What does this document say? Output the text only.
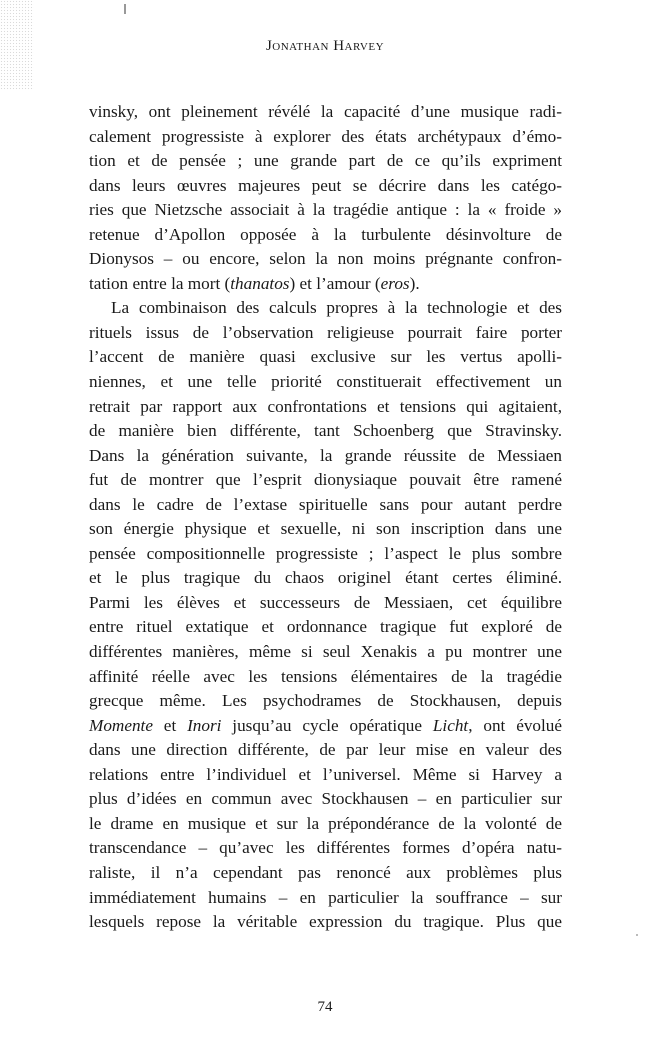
Jonathan Harvey
vinsky, ont pleinement révélé la capacité d’une musique radi-
calement progressiste à explorer des états archétypaux d’émo-
tion et de pensée ; une grande part de ce qu’ils expriment
dans leurs œuvres majeures peut se décrire dans les catégo-
ries que Nietzsche associait à la tragédie antique : la « froide »
retenue d’Apollon opposée à la turbulente désinvolture de
Dionysos – ou encore, selon la non moins prégnante confron-
tation entre la mort (thanatos) et l’amour (eros).
La combinaison des calculs propres à la technologie et des
rituels issus de l’observation religieuse pourrait faire porter
l’accent de manière quasi exclusive sur les vertus apolli-
niennes, et une telle priorité constituerait effectivement un
retrait par rapport aux confrontations et tensions qui agitaient,
de manière bien différente, tant Schoenberg que Stravinsky.
Dans la génération suivante, la grande réussite de Messiaen
fut de montrer que l’esprit dionysiaque pouvait être ramené
dans le cadre de l’extase spirituelle sans pour autant perdre
son énergie physique et sexuelle, ni son inscription dans une
pensée compositionnelle progressiste ; l’aspect le plus sombre
et le plus tragique du chaos originel étant certes éliminé.
Parmi les élèves et successeurs de Messiaen, cet équilibre
entre rituel extatique et ordonnance tragique fut exploré de
différentes manières, même si seul Xenakis a pu montrer une
affinité réelle avec les tensions élémentaires de la tragédie
grecque même. Les psychodrames de Stockhausen, depuis
Momente et Inori jusqu’au cycle opératique Licht, ont évolué
dans une direction différente, de par leur mise en valeur des
relations entre l’individuel et l’universel. Même si Harvey a
plus d’idées en commun avec Stockhausen – en particulier sur
le drame en musique et sur la prépondérance de la volonté de
transcendance – qu’avec les différentes formes d’opéra natu-
raliste, il n’a cependant pas renoncé aux problèmes plus
immédiatement humains – en particulier la souffrance – sur
lesquels repose la véritable expression du tragique. Plus que
74
